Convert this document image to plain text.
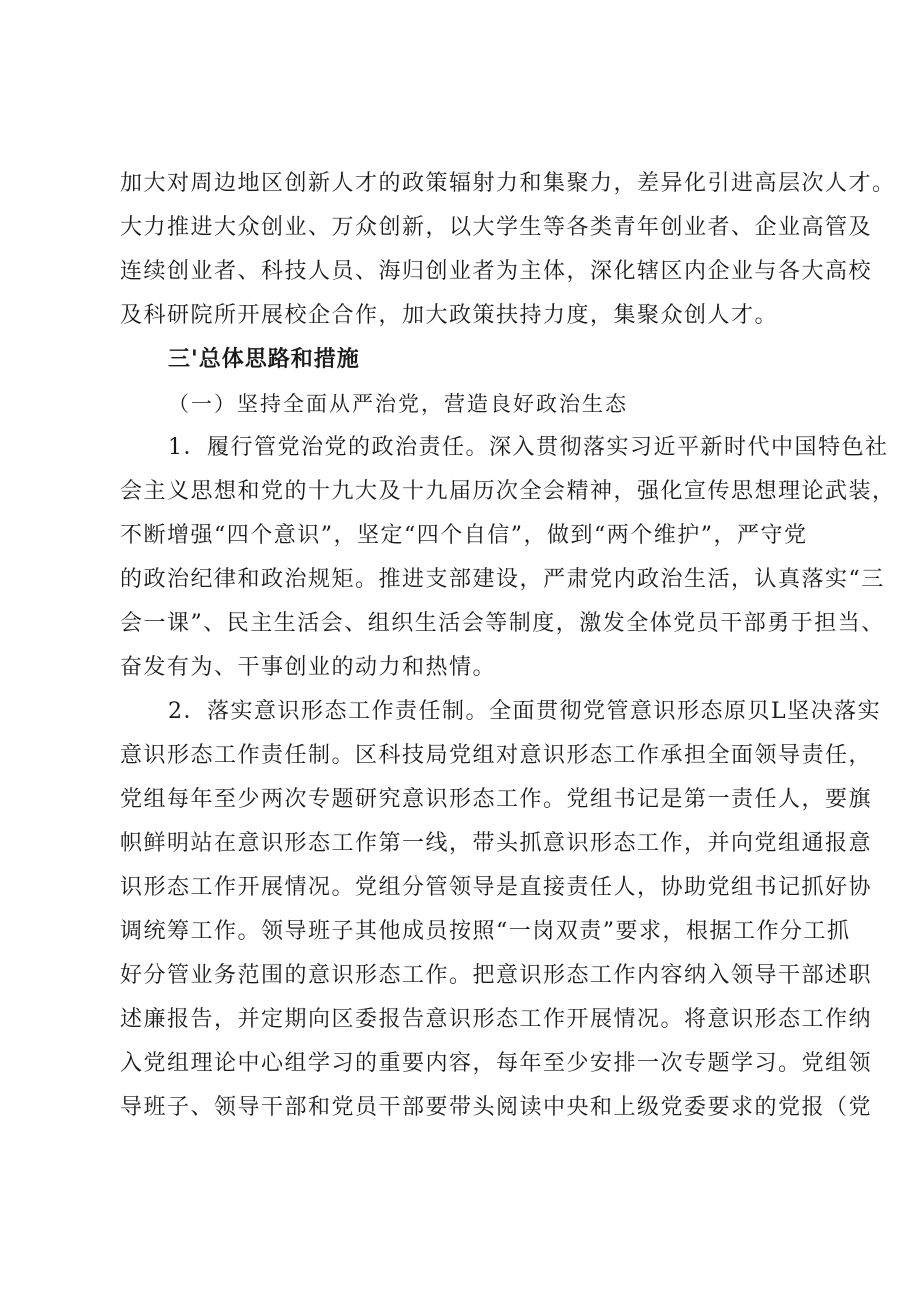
加大对周边地区创新人才的政策辐射力和集聚力，差异化引进高层次人才。
大力推进大众创业、万众创新，以大学生等各类青年创业者、企业高管及
连续创业者、科技人员、海归创业者为主体，深化辖区内企业与各大高校
及科研院所开展校企合作，加大政策扶持力度，集聚众创人才。
三'总体思路和措施
（一）坚持全面从严治党，营造良好政治生态
1．履行管党治党的政治责任。深入贯彻落实习近平新时代中国特色社
会主义思想和党的十九大及十九届历次全会精神，强化宣传思想理论武装，
不断增强“四个意识”，坚定“四个自信”，做到“两个维护”，严守党
的政治纪律和政治规矩。推进支部建设，严肃党内政治生活，认真落实“三
会一课”、民主生活会、组织生活会等制度，激发全体党员干部勇于担当、
奋发有为、干事创业的动力和热情。
2．落实意识形态工作责任制。全面贯彻党管意识形态原贝L坚决落实
意识形态工作责任制。区科技局党组对意识形态工作承担全面领导责任，
党组每年至少两次专题研究意识形态工作。党组书记是第一责任人，要旗
帜鲜明站在意识形态工作第一线，带头抓意识形态工作，并向党组通报意
识形态工作开展情况。党组分管领导是直接责任人，协助党组书记抓好协
调统筹工作。领导班子其他成员按照“一岗双责”要求，根据工作分工抓
好分管业务范围的意识形态工作。把意识形态工作内容纳入领导干部述职
述廉报告，并定期向区委报告意识形态工作开展情况。将意识形态工作纳
入党组理论中心组学习的重要内容，每年至少安排一次专题学习。党组领
导班子、领导干部和党员干部要带头阅读中央和上级党委要求的党报（党
